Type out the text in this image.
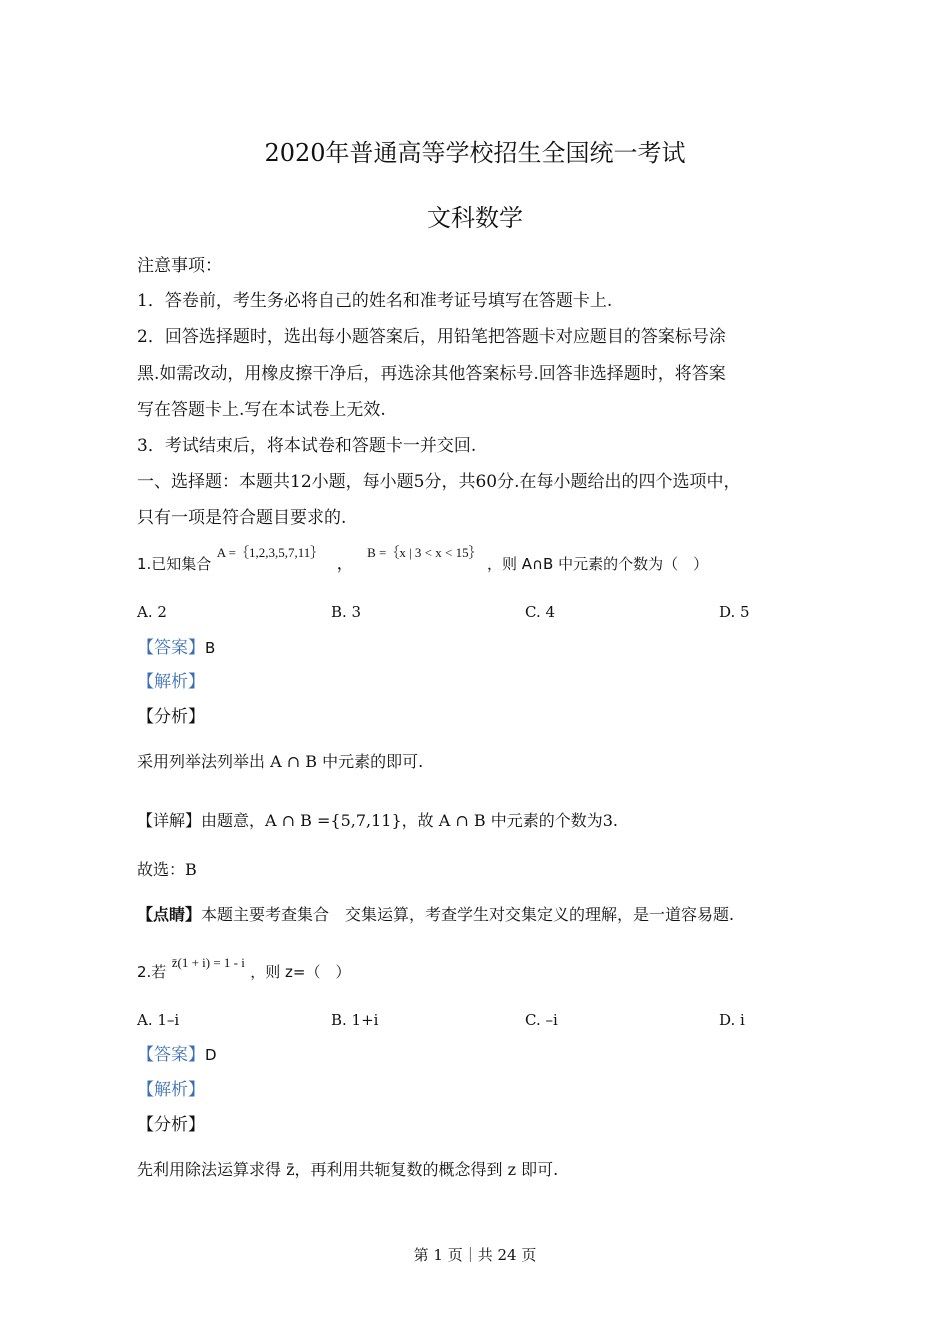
2020年普通高等学校招生全国统一考试
文科数学
注意事项：
1．答卷前，考生务必将自己的姓名和准考证号填写在答题卡上.
2．回答选择题时，选出每小题答案后，用铅笔把答题卡对应题目的答案标号涂
黑.如需改动，用橡皮擦干净后，再选涂其他答案标号.回答非选择题时，将答案
写在答题卡上.写在本试卷上无效.
3．考试结束后，将本试卷和答题卡一并交回.
一、选择题：本题共12小题，每小题5分，共60分.在每小题给出的四个选项中，
只有一项是符合题目要求的.
1.已知集合 $^{A =\{1,2,3,5,7,11\}}$ ， $^{B =\{x | 3 < x < 15\}}$ ，则 A∩B 中元素的个数为（　）
A. 2	B. 3	C. 4	D. 5
【答案】B
【解析】
【分析】
采用列举法列举出 A ∩ B 中元素的即可.
【详解】由题意，A ∩ B ={5,7,11}，故 A ∩ B 中元素的个数为3.
故选：B
【点睛】本题主要考查集合　交集运算，考查学生对交集定义的理解，是一道容易题.
2.若 $^{z̄(1 + i) = 1 - i}$ ，则 z=（　）
A. 1–i	B. 1+i	C. –i	D. i
【答案】D
【解析】
【分析】
先利用除法运算求得 z̄，再利用共轭复数的概念得到 z 即可.
第 1 页｜共 24 页
